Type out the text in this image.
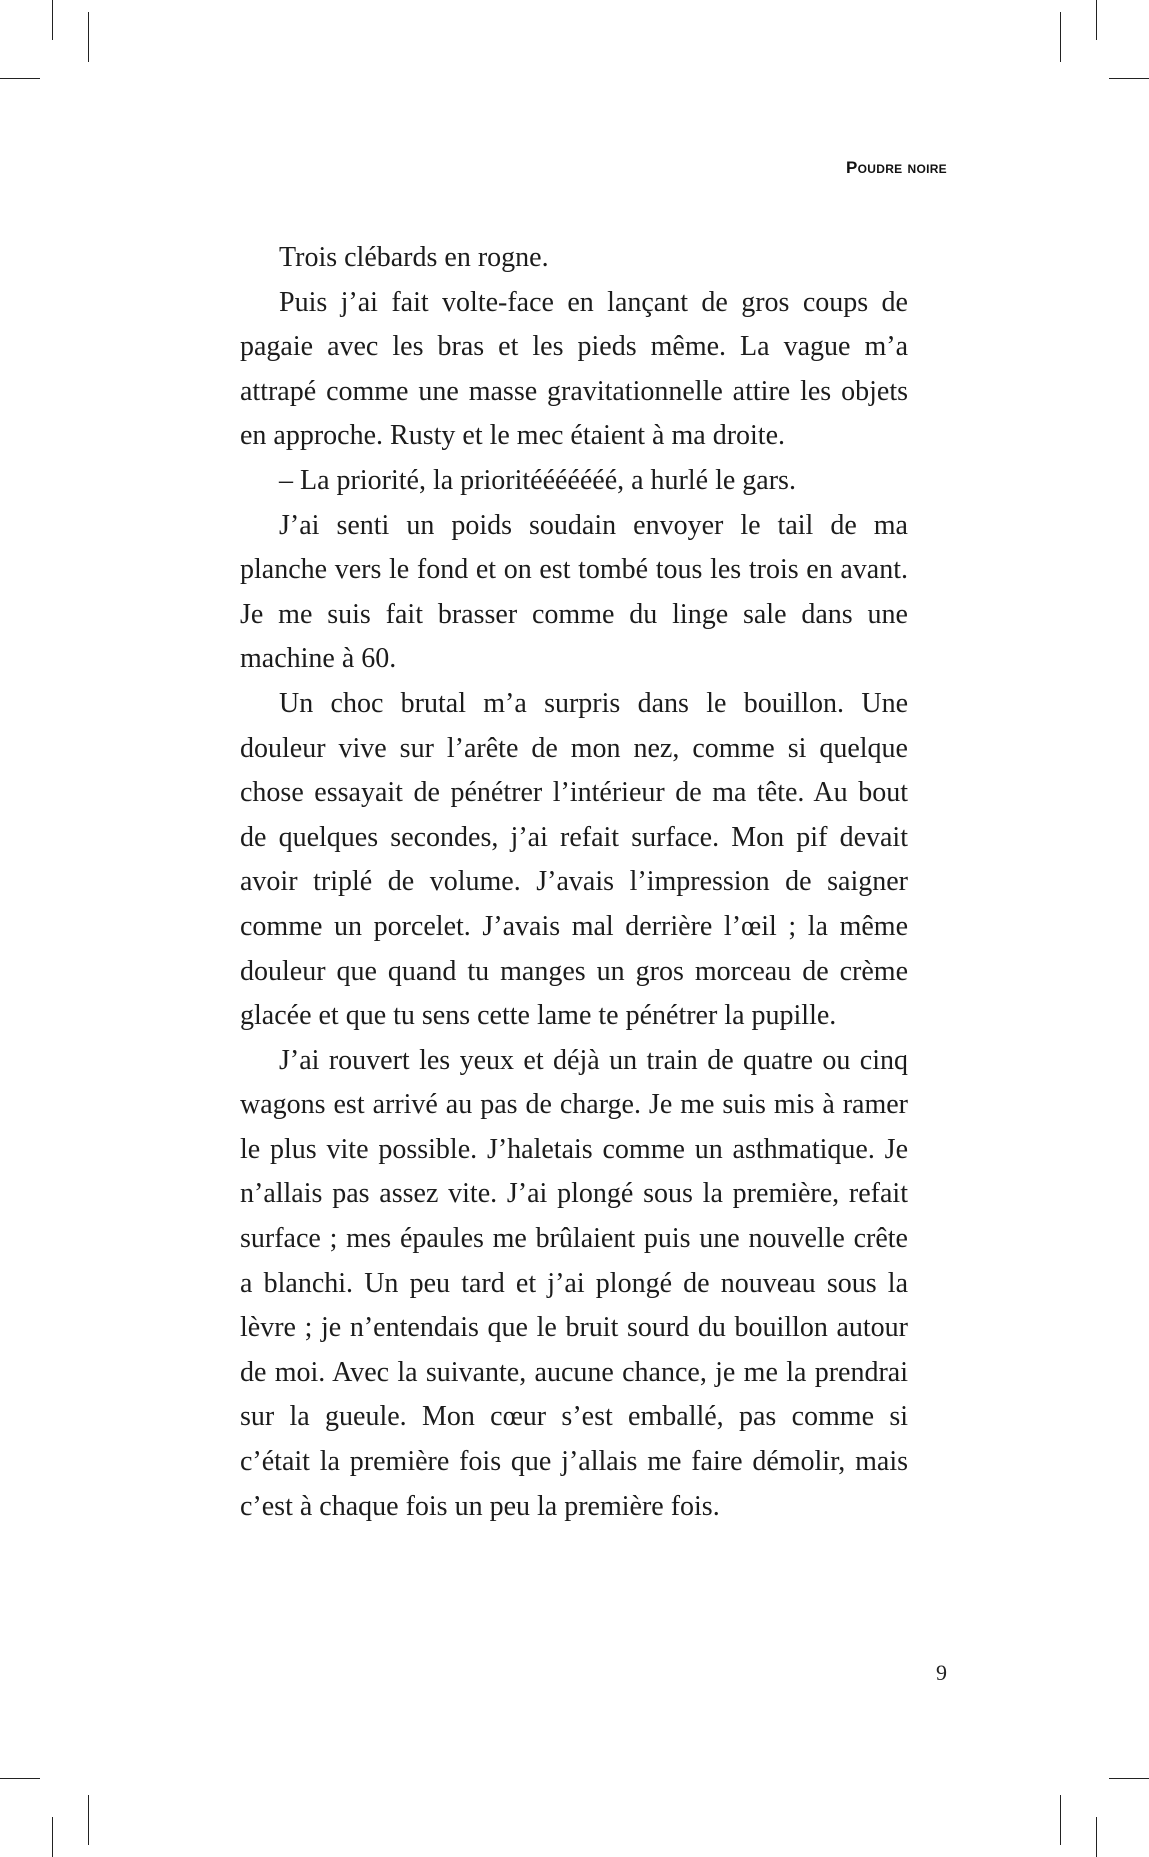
Poudre noire

Trois clébards en rogne.

Puis j’ai fait volte-face en lançant de gros coups de pagaie avec les bras et les pieds même. La vague m’a attrapé comme une masse gravitationnelle attire les objets en approche. Rusty et le mec étaient à ma droite.

– La priorité, la prioritééééééé, a hurlé le gars.

J’ai senti un poids soudain envoyer le tail de ma planche vers le fond et on est tombé tous les trois en avant. Je me suis fait brasser comme du linge sale dans une machine à 60.

Un choc brutal m’a surpris dans le bouillon. Une douleur vive sur l’arête de mon nez, comme si quelque chose essayait de pénétrer l’intérieur de ma tête. Au bout de quelques secondes, j’ai refait surface. Mon pif devait avoir triplé de volume. J’avais l’impression de saigner comme un porcelet. J’avais mal derrière l’œil ; la même douleur que quand tu manges un gros morceau de crème glacée et que tu sens cette lame te pénétrer la pupille.

J’ai rouvert les yeux et déjà un train de quatre ou cinq wagons est arrivé au pas de charge. Je me suis mis à ramer le plus vite possible. J’haletais comme un asthmatique. Je n’allais pas assez vite. J’ai plongé sous la première, refait surface ; mes épaules me brûlaient puis une nouvelle crête a blanchi. Un peu tard et j’ai plongé de nouveau sous la lèvre ; je n’entendais que le bruit sourd du bouillon autour de moi. Avec la suivante, aucune chance, je me la prendrai sur la gueule. Mon cœur s’est emballé, pas comme si c’était la première fois que j’allais me faire démolir, mais c’est à chaque fois un peu la première fois.

9
